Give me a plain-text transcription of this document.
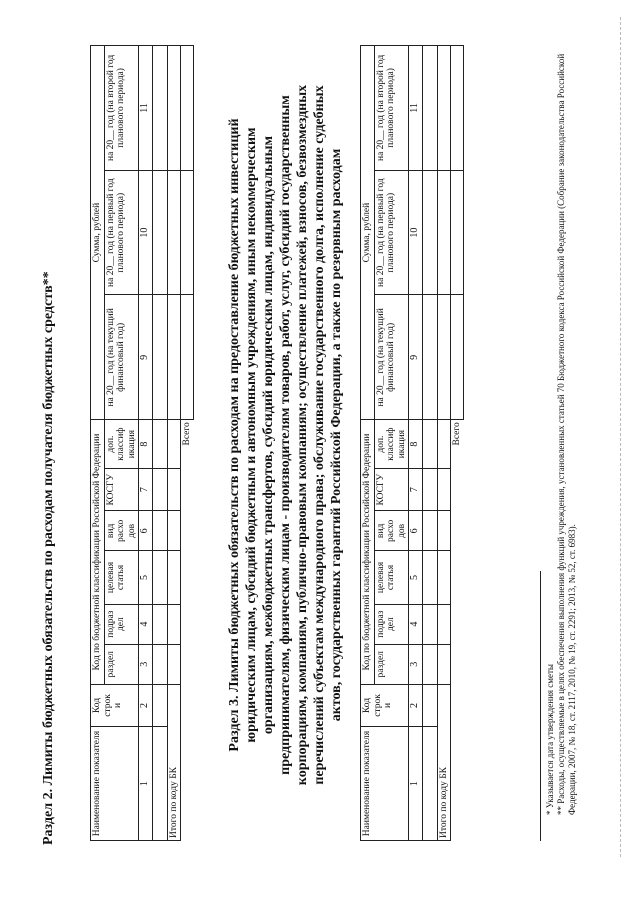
Раздел 2. Лимиты бюджетных обязательств по расходам получателя бюджетных средств**	Наименование показателя	Код
строк
и	Код по бюджетной классификации Российской Федерации						Сумма, рублей		
		раздел	подраз дел	целевая статья	вид расхо дов	КОСГУ	доп. классиф икация	на 20__ год (на текущий финансовый год)	на 20__ год (на первый год планового периода)	на 20__ год (на второй год планового периода)
1	2	3	4	5	6	7	8	9	10	11

Итого по коду БК										
Всего											Раздел 3. Лимиты бюджетных обязательств по расходам на предоставление бюджетных инвестиций юридическим лицам, субсидий бюджетным и автономным учреждениям, иным некоммерческим организациям, межбюджетных трансфертов, субсидий юридическим лицам, индивидуальным предпринимателям, физическим лицам - производителям товаров, работ, услуг, субсидий государственным корпорациям, компаниям, публично-правовым компаниям; осуществление платежей, взносов, безвозмездных перечислений субъектам международного права; обслуживание государственного долга, исполнение судебных актов, государственных гарантий Российской Федерации, а также по резервным расходам
Наименование показателя	Код
строк
и	Код по бюджетной классификации Российской Федерации						Сумма, рублей		
		раздел	подраз дел	целевая статья	вид расхо дов	КОСГУ	доп. классиф икация	на 20__ год (на текущий финансовый год)	на 20__ год (на первый год планового периода)	на 20__ год (на второй год планового периода)
1	2	3	4	5	6	7	8	9	10	11

Итого по коду БК										
Всего										

* Указывается дата утверждения сметы ** Расходы, осуществляемые в целях обеспечения выполнения функций учреждения, установленных статьей 70 Бюджетного кодекса Российской Федерации (Собрание законодательства Российской Федерации, 2007, № 18, ст. 2117, 2010, № 19, ст. 2291; 2013, № 52, ст. 6983).
